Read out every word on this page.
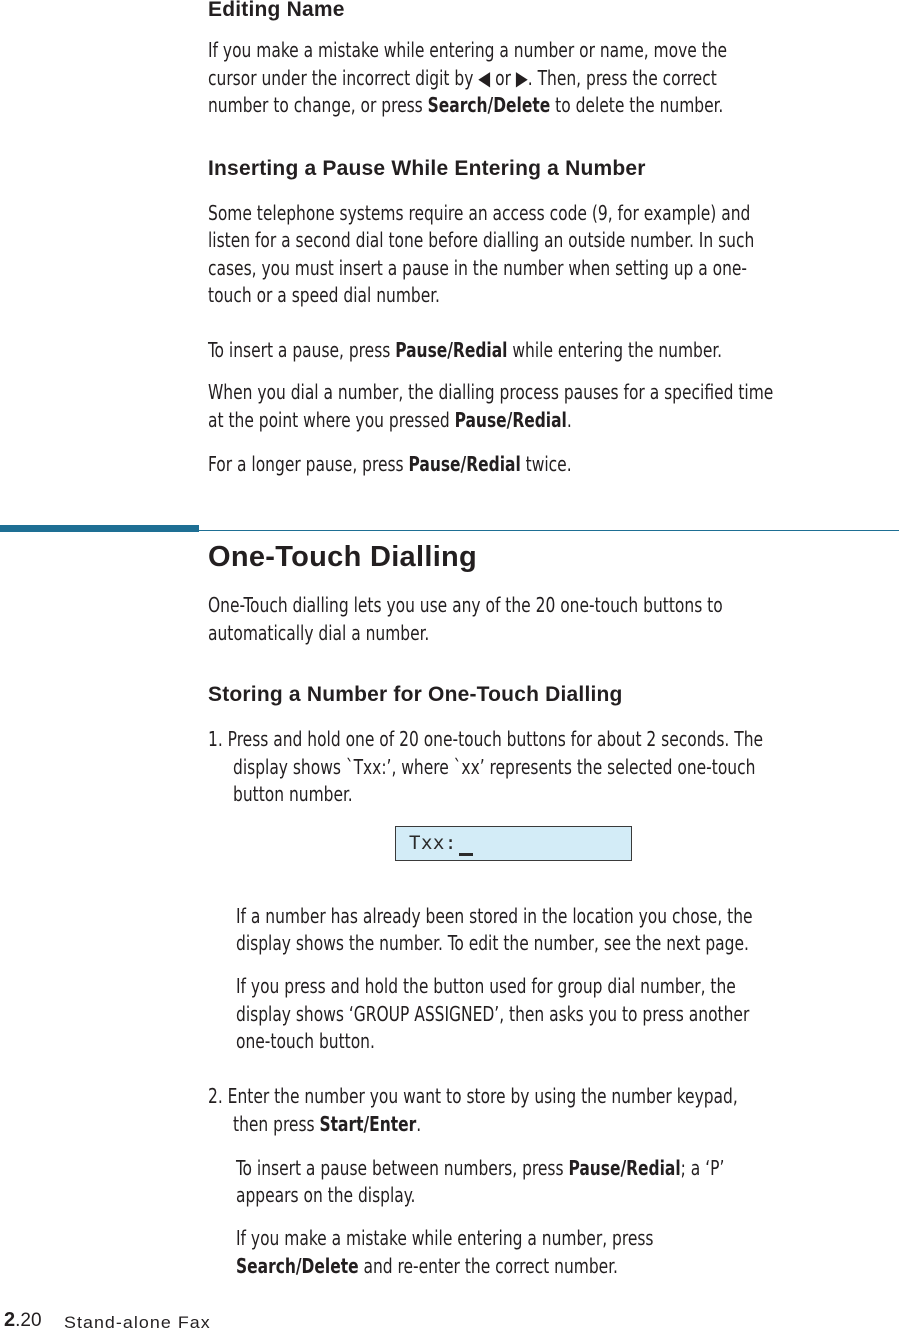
Editing Name

If you make a mistake while entering a number or name, move the

cursor under the incorrect digit by ◀ or ▶. Then, press the correct

number to change, or press Search/Delete to delete the number.

Inserting a Pause While Entering a Number

Some telephone systems require an access code (9, for example) and

listen for a second dial tone before dialling an outside number. In such

cases, you must insert a pause in the number when setting up a one-

touch or a speed dial number.

To insert a pause, press Pause/Redial while entering the number.

When you dial a number, the dialling process pauses for a specified time

at the point where you pressed Pause/Redial.

For a longer pause, press Pause/Redial twice.

One-Touch Dialling

One-Touch dialling lets you use any of the 20 one-touch buttons to

automatically dial a number.

Storing a Number for One-Touch Dialling

1. Press and hold one of 20 one-touch buttons for about 2 seconds. The

display shows `Txx:’, where `xx’ represents the selected one-touch

button number.

Txx:

If a number has already been stored in the location you chose, the

display shows the number. To edit the number, see the next page.

If you press and hold the button used for group dial number, the

display shows ‘GROUP ASSIGNED’, then asks you to press another

one-touch button.

2. Enter the number you want to store by using the number keypad,

then press Start/Enter.

To insert a pause between numbers, press Pause/Redial; a ‘P’

appears on the display.

If you make a mistake while entering a number, press

Search/Delete and re-enter the correct number.

2.20 Stand-alone Fax
